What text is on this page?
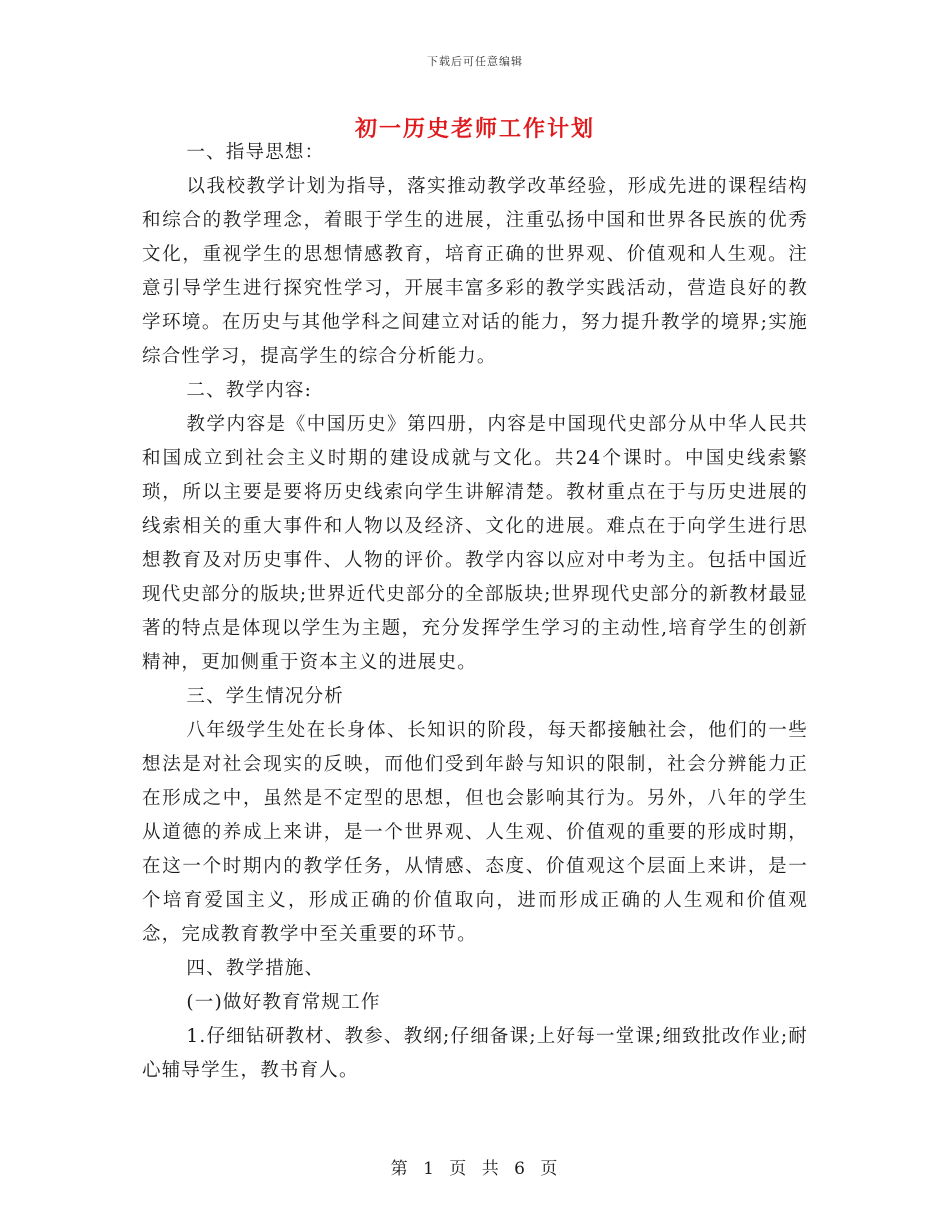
下载后可任意编辑
初一历史老师工作计划

一、指导思想：

以我校教学计划为指导，落实推动教学改革经验，形成先进的课程结构和综合的教学理念，着眼于学生的进展，注重弘扬中国和世界各民族的优秀文化，重视学生的思想情感教育，培育正确的世界观、价值观和人生观。注意引导学生进行探究性学习，开展丰富多彩的教学实践活动，营造良好的教学环境。在历史与其他学科之间建立对话的能力，努力提升教学的境界;实施综合性学习，提高学生的综合分析能力。

二、教学内容:

教学内容是《中国历史》第四册，内容是中国现代史部分从中华人民共和国成立到社会主义时期的建设成就与文化。共24个课时。中国史线索繁琐，所以主要是要将历史线索向学生讲解清楚。教材重点在于与历史进展的线索相关的重大事件和人物以及经济、文化的进展。难点在于向学生进行思想教育及对历史事件、人物的评价。教学内容以应对中考为主。包括中国近现代史部分的版块;世界近代史部分的全部版块;世界现代史部分的新教材最显著的特点是体现以学生为主题，充分发挥学生学习的主动性,培育学生的创新精神，更加侧重于资本主义的进展史。

三、学生情况分析

八年级学生处在长身体、长知识的阶段，每天都接触社会，他们的一些想法是对社会现实的反映，而他们受到年龄与知识的限制，社会分辨能力正在形成之中，虽然是不定型的思想，但也会影响其行为。另外，八年的学生从道德的养成上来讲，是一个世界观、人生观、价值观的重要的形成时期，在这一个时期内的教学任务，从情感、态度、价值观这个层面上来讲，是一个培育爱国主义，形成正确的价值取向，进而形成正确的人生观和价值观念，完成教育教学中至关重要的环节。

四、教学措施、

(一)做好教育常规工作

1.仔细钻研教材、教参、教纲;仔细备课;上好每一堂课;细致批改作业;耐心辅导学生，教书育人。

第 1 页 共 6 页
